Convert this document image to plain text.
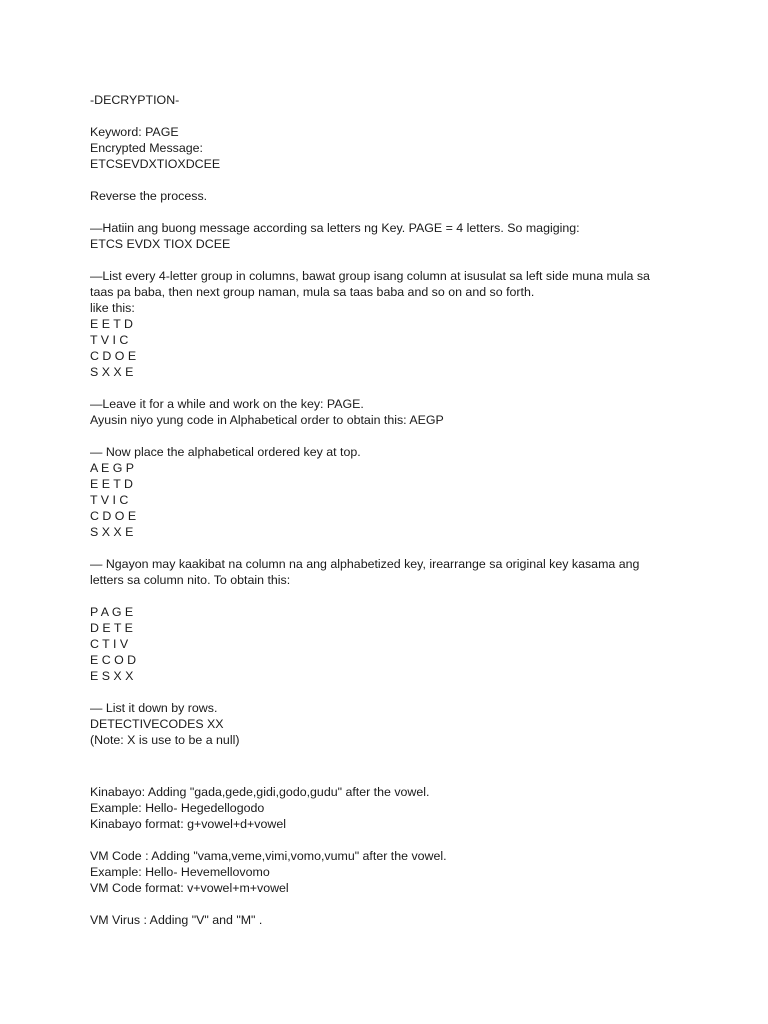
-DECRYPTION-
Keyword: PAGE
Encrypted Message:
ETCSEVDXTIOXDCEE
Reverse the process.
—Hatiin ang buong message according sa letters ng Key. PAGE = 4 letters. So magiging:
ETCS EVDX TIOX DCEE
—List every 4-letter group in columns, bawat group isang column at isusulat sa left side muna mula sa taas pa baba, then next group naman, mula sa taas baba and so on and so forth.
like this:
E E T D
T V I C
C D O E
S X X E
—Leave it for a while and work on the key: PAGE.
Ayusin niyo yung code in Alphabetical order to obtain this: AEGP
— Now place the alphabetical ordered key at top.
A E G P
E E T D
T V I C
C D O E
S X X E
— Ngayon may kaakibat na column na ang alphabetized key, irearrange sa original key kasama ang letters sa column nito. To obtain this:
P A G E
D E T E
C T I V
E C O D
E S X X
— List it down by rows.
DETECTIVECODES XX
(Note: X is use to be a null)
Kinabayo: Adding "gada,gede,gidi,godo,gudu" after the vowel.
Example: Hello- Hegedellogodo
Kinabayo format: g+vowel+d+vowel
VM Code : Adding "vama,veme,vimi,vomo,vumu" after the vowel.
Example: Hello- Hevemellovomo
VM Code format: v+vowel+m+vowel
VM Virus : Adding "V" and "M" .
